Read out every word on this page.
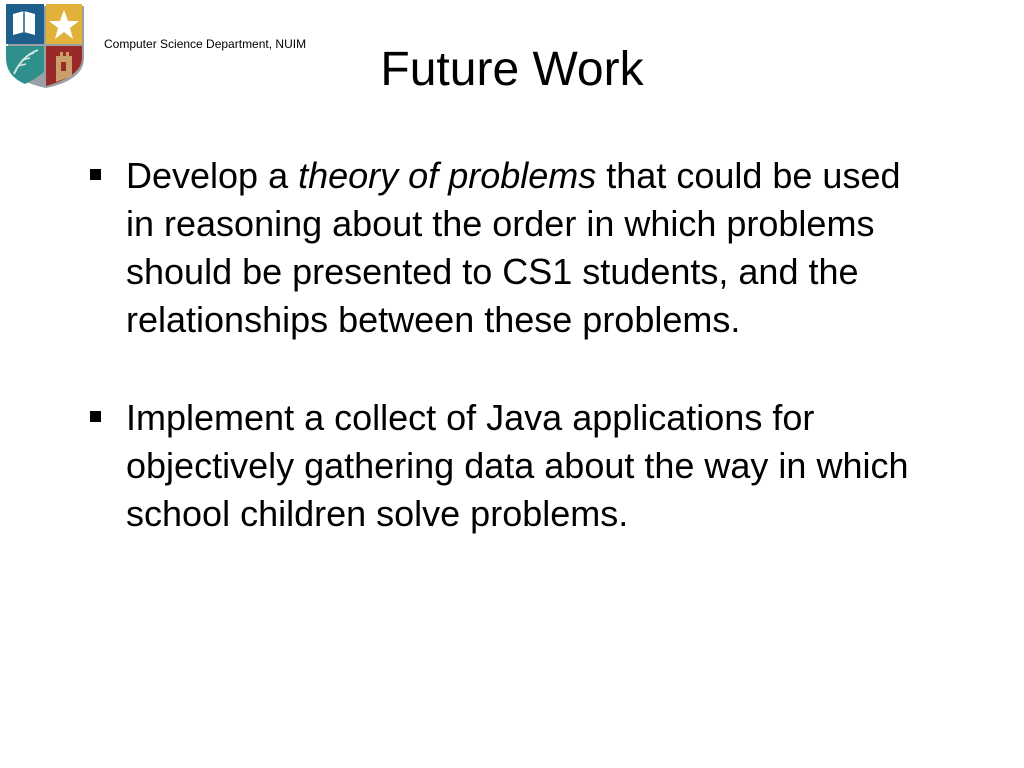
Computer Science Department, NUIM	Future Work
Develop a theory of problems that could be used in reasoning about the order in which problems should be presented to CS1 students, and the relationships between these problems.
Implement a collect of Java applications for objectively gathering data about the way in which school children solve problems.
